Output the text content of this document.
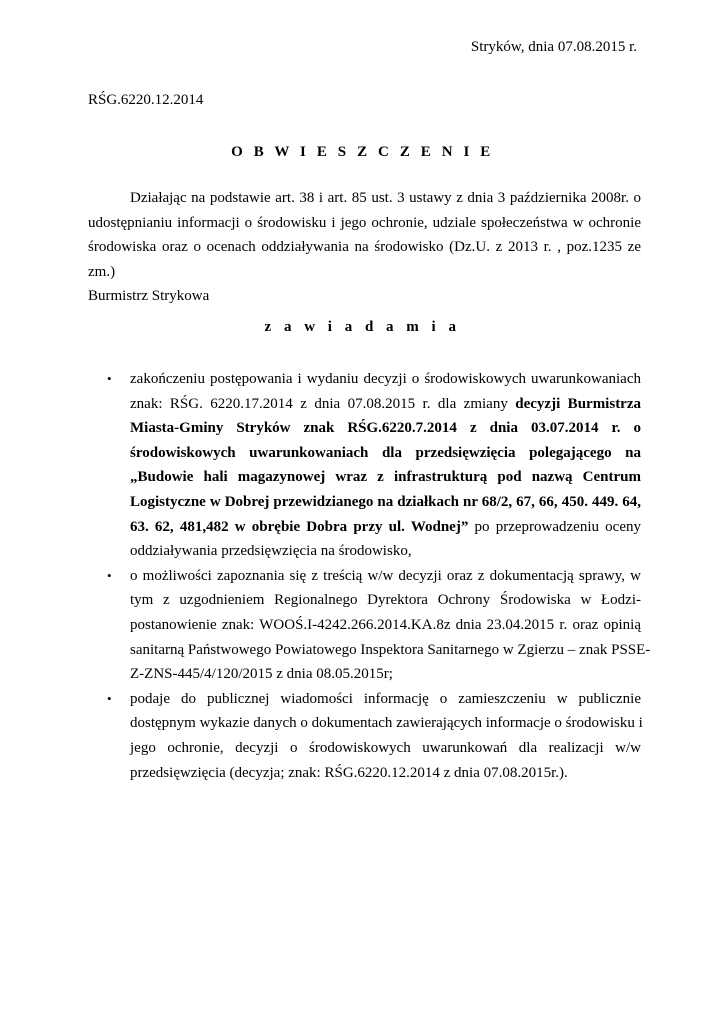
Stryków, dnia 07.08.2015 r.
RŚG.6220.12.2014
O B W I E S Z C Z E N I E
Działając na podstawie art. 38 i art. 85 ust. 3 ustawy z dnia 3 października 2008r. o
udostępnianiu informacji o środowisku i jego ochronie, udziale społeczeństwa w ochronie
środowiska oraz o ocenach oddziaływania na środowisko (Dz.U. z 2013 r. , poz.1235 ze zm.)
Burmistrz Strykowa
z a w i a d a m i a
• zakończeniu postępowania i wydaniu decyzji o środowiskowych uwarunkowaniach
znak: RŚG. 6220.17.2014 z dnia 07.08.2015 r. dla zmiany decyzji Burmistrza
Miasta-Gminy Stryków znak RŚG.6220.7.2014 z dnia 03.07.2014 r. o
środowiskowych uwarunkowaniach dla przedsięwzięcia polegającego na
„Budowie hali magazynowej wraz z infrastrukturą pod nazwą Centrum
Logistyczne w Dobrej przewidzianego na działkach nr 68/2, 67, 66, 450. 449. 64,
63. 62, 481,482 w obrębie Dobra przy ul. Wodnej” po przeprowadzeniu oceny
oddziaływania przedsięwzięcia na środowisko,
• o możliwości zapoznania się z treścią w/w decyzji oraz z dokumentacją sprawy, w
tym z uzgodnieniem Regionalnego Dyrektora Ochrony Środowiska w Łodzi-
postanowienie znak: WOOŚ.I-4242.266.2014.KA.8z dnia 23.04.2015 r. oraz opinią
sanitarną Państwowego Powiatowego Inspektora Sanitarnego w Zgierzu – znak PSSE-
Z-ZNS-445/4/120/2015 z dnia 08.05.2015r;
• podaje do publicznej wiadomości informację o zamieszczeniu w publicznie
dostępnym wykazie danych o dokumentach zawierających informacje o środowisku i
jego ochronie, decyzji o środowiskowych uwarunkowań dla realizacji w/w
przedsięwzięcia (decyzja; znak: RŚG.6220.12.2014 z dnia 07.08.2015r.).
